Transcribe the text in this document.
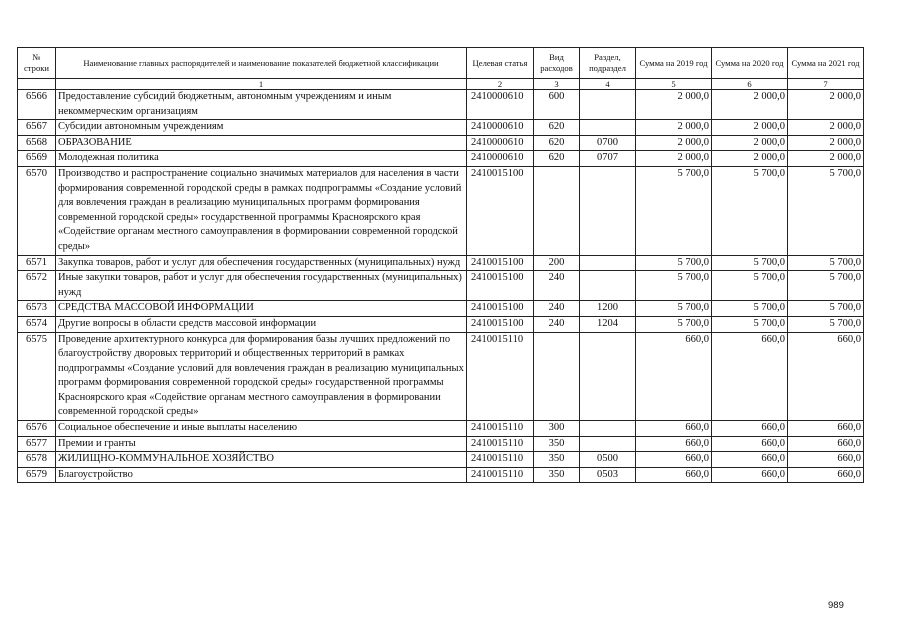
№ строки	Наименование главных распорядителей и наименование показателей бюджетной классификации	Целевая статья	Вид расходов	Раздел, подраздел	Сумма на 2019 год	Сумма на 2020 год	Сумма на 2021 год
	1	2	3	4	5	6	7
6566	Предоставление субсидий бюджетным, автономным учреждениям и иным некоммерческим организациям	2410000610	600		2 000,0	2 000,0	2 000,0
6567	Субсидии автономным учреждениям	2410000610	620		2 000,0	2 000,0	2 000,0
6568	ОБРАЗОВАНИЕ	2410000610	620	0700	2 000,0	2 000,0	2 000,0
6569	Молодежная политика	2410000610	620	0707	2 000,0	2 000,0	2 000,0
6570	Производство и распространение социально значимых материалов для населения в части формирования современной городской среды в рамках подпрограммы «Создание условий для вовлечения граждан в реализацию муниципальных программ формирования современной городской среды» государственной программы Красноярского края «Содействие органам местного самоуправления в формировании современной городской среды»	2410015100			5 700,0	5 700,0	5 700,0
6571	Закупка товаров, работ и услуг для обеспечения государственных (муниципальных) нужд	2410015100	200		5 700,0	5 700,0	5 700,0
6572	Иные закупки товаров, работ и услуг для обеспечения государственных (муниципальных) нужд	2410015100	240		5 700,0	5 700,0	5 700,0
6573	СРЕДСТВА МАССОВОЙ ИНФОРМАЦИИ	2410015100	240	1200	5 700,0	5 700,0	5 700,0
6574	Другие вопросы в области средств массовой информации	2410015100	240	1204	5 700,0	5 700,0	5 700,0
6575	Проведение архитектурного конкурса для формирования базы лучших предложений по благоустройству дворовых территорий и общественных территорий в рамках подпрограммы «Создание условий для вовлечения граждан в реализацию муниципальных программ формирования современной городской среды» государственной программы Красноярского края «Содействие органам местного самоуправления в формировании современной городской среды»	2410015110			660,0	660,0	660,0
6576	Социальное обеспечение и иные выплаты населению	2410015110	300		660,0	660,0	660,0
6577	Премии и гранты	2410015110	350		660,0	660,0	660,0
6578	ЖИЛИЩНО-КОММУНАЛЬНОЕ ХОЗЯЙСТВО	2410015110	350	0500	660,0	660,0	660,0
6579	Благоустройство	2410015110	350	0503	660,0	660,0	660,0
989
